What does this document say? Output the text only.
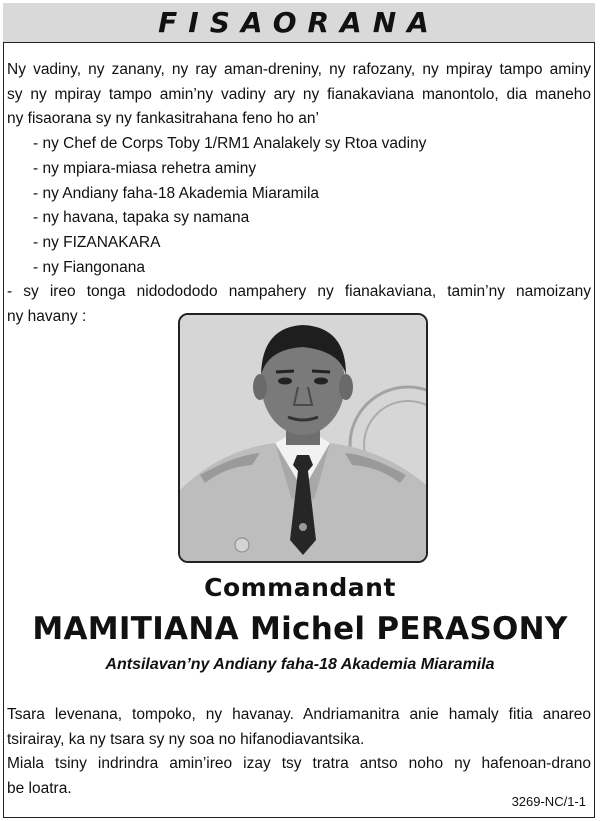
FISAORANA

Ny vadiny, ny zanany, ny ray aman-dreniny, ny rafozany, ny mpiray tampo aminy

sy ny mpiray tampo amin’ny vadiny ary ny fianakaviana manontolo, dia maneho

ny fisaorana sy ny fankasitrahana feno ho an’

- ny Chef de Corps Toby 1/RM1 Analakely sy Rtoa vadiny
- ny mpiara-miasa rehetra aminy
- ny Andiany faha-18 Akademia Miaramila
- ny havana, tapaka sy namana
- ny FIZANAKARA
- ny Fiangonana

- sy ireo tonga nidodododo nampahery ny fianakaviana, tamin’ny namoizany

ny havany :

Commandant
MAMITIANA Michel PERASONY
Antsilavan’ny Andiany faha-18 Akademia Miaramila

Tsara levenana, tompoko, ny havanay. Andriamanitra anie hamaly fitia anareo

tsirairay, ka ny tsara sy ny soa no hifanodiavantsika.

Miala tsiny indrindra amin’ireo izay tsy tratra antso noho ny hafenoan-drano

be loatra.

3269-NC/1-1
